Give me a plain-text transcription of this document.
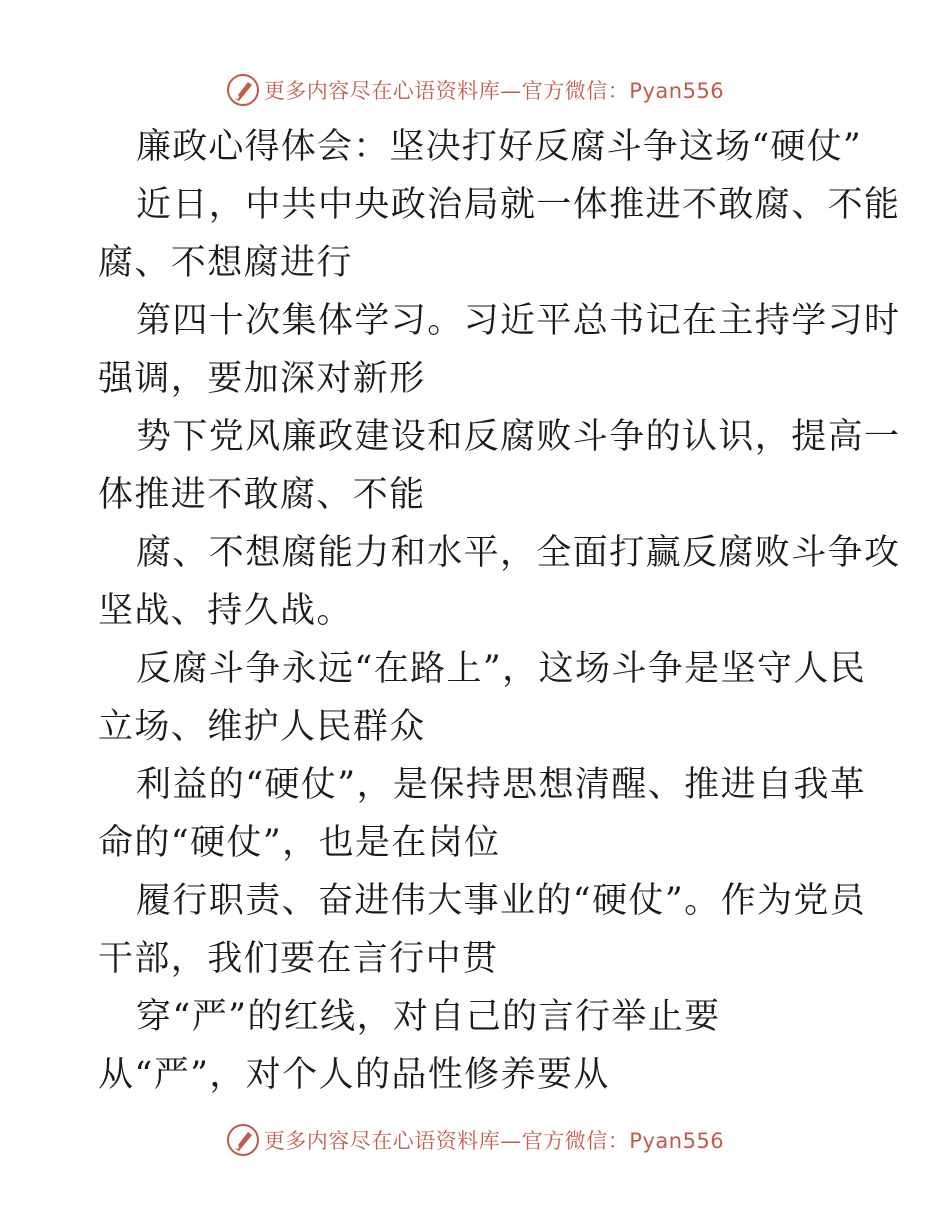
更多内容尽在心语资料库—官方微信：Pyan556
廉政心得体会：坚决打好反腐斗争这场“硬仗”
近日，中共中央政治局就一体推进不敢腐、不能
腐、不想腐进行
第四十次集体学习。习近平总书记在主持学习时
强调，要加深对新形
势下党风廉政建设和反腐败斗争的认识，提高一
体推进不敢腐、不能
腐、不想腐能力和水平，全面打赢反腐败斗争攻
坚战、持久战。
反腐斗争永远“在路上”，这场斗争是坚守人民
立场、维护人民群众
利益的“硬仗”，是保持思想清醒、推进自我革
命的“硬仗”，也是在岗位
履行职责、奋进伟大事业的“硬仗”。作为党员
干部，我们要在言行中贯
穿“严”的红线，对自己的言行举止要
从“严”，对个人的品性修养要从
更多内容尽在心语资料库—官方微信：Pyan556
